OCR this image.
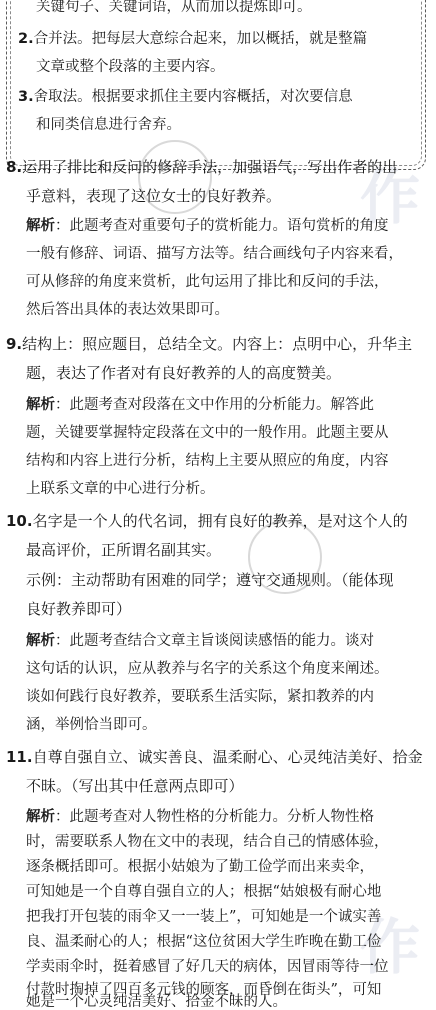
作
作
关键句子、关键词语，从而加以提炼即可。
2.合并法。把每层大意综合起来，加以概括，就是整篇
文章或整个段落的主要内容。
3.舍取法。根据要求抓住主要内容概括，对次要信息
和同类信息进行舍弃。
8.运用了排比和反问的修辞手法，加强语气，写出作者的出
乎意料，表现了这位女士的良好教养。
解析：此题考查对重要句子的赏析能力。语句赏析的角度
一般有修辞、词语、描写方法等。结合画线句子内容来看，
可从修辞的角度来赏析，此句运用了排比和反问的手法，
然后答出具体的表达效果即可。
9.结构上：照应题目，总结全文。内容上：点明中心，升华主
题，表达了作者对有良好教养的人的高度赞美。
解析：此题考查对段落在文中作用的分析能力。解答此
题，关键要掌握特定段落在文中的一般作用。此题主要从
结构和内容上进行分析，结构上主要从照应的角度，内容
上联系文章的中心进行分析。
10.名字是一个人的代名词，拥有良好的教养，是对这个人的
最高评价，正所谓名副其实。
示例：主动帮助有困难的同学；遵守交通规则。（能体现
良好教养即可）
解析：此题考查结合文章主旨谈阅读感悟的能力。谈对
这句话的认识，应从教养与名字的关系这个角度来阐述。
谈如何践行良好教养，要联系生活实际，紧扣教养的内
涵，举例恰当即可。
11.自尊自强自立、诚实善良、温柔耐心、心灵纯洁美好、拾金
不昧。（写出其中任意两点即可）
解析：此题考查对人物性格的分析能力。分析人物性格
时，需要联系人物在文中的表现，结合自己的情感体验，
逐条概括即可。根据小姑娘为了勤工俭学而出来卖伞，
可知她是一个自尊自强自立的人；根据“姑娘极有耐心地
把我打开包装的雨伞又一一装上”，可知她是一个诚实善
良、温柔耐心的人；根据“这位贫困大学生昨晚在勤工俭
学卖雨伞时，挺着感冒了好几天的病体，因冒雨等待一位
付款时掏掉了四百多元钱的顾客，而昏倒在街头”，可知
她是一个心灵纯洁美好、拾金不昧的人。
